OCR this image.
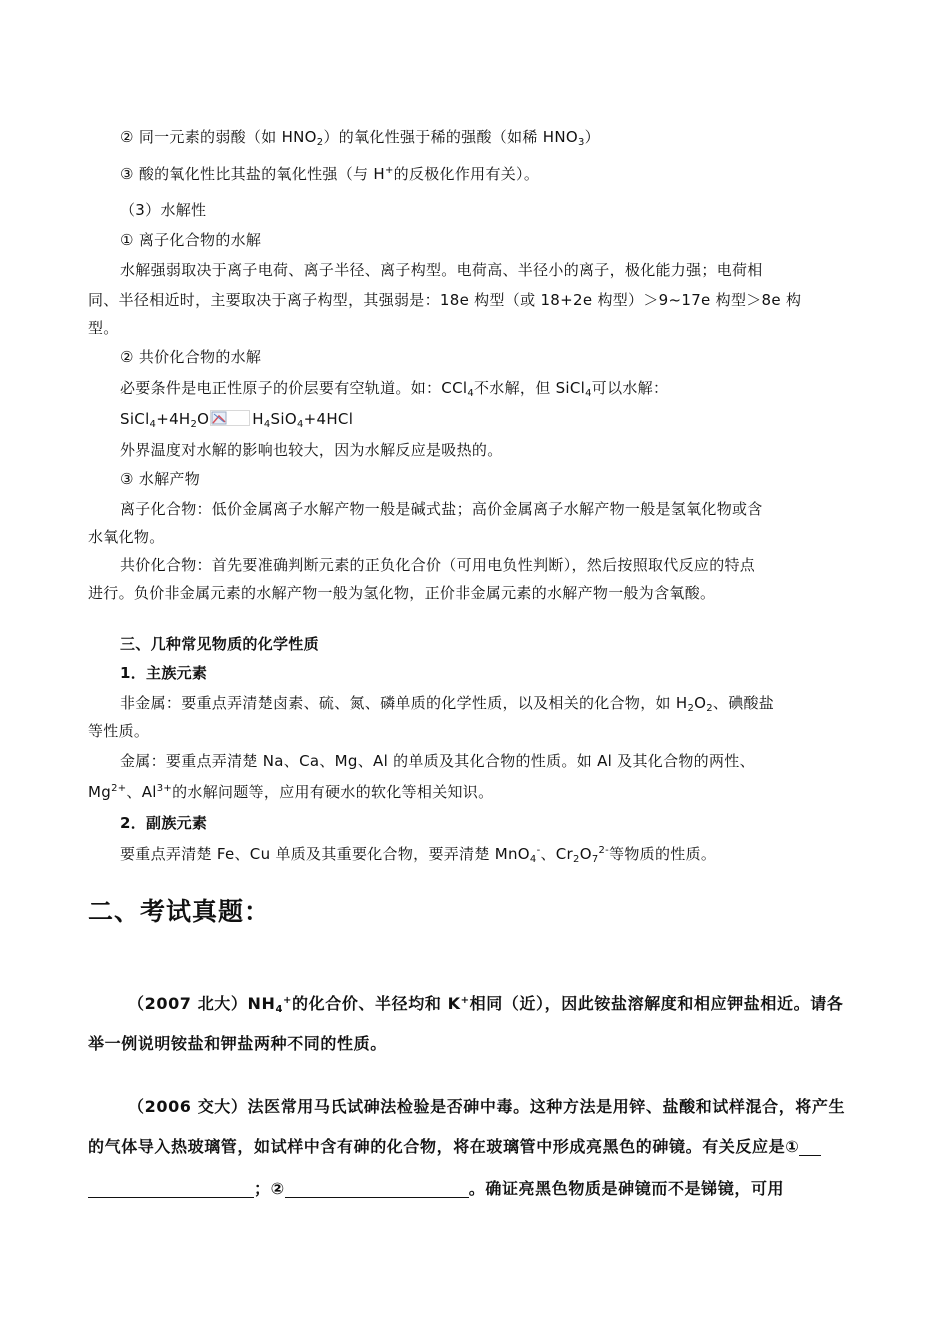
② 同一元素的弱酸（如 $HNO_2$）的氧化性强于稀的强酸（如稀 $HNO_3$）
③ 酸的氧化性比其盐的氧化性强（与 H+的反极化作用有关）。
（3）水解性
① 离子化合物的水解
水解强弱取决于离子电荷、离子半径、离子构型。电荷高、半径小的离子，极化能力强；电荷相
同、半径相近时，主要取决于离子构型，其强弱是：18e 构型（或 18+2e 构型）＞9~17e 构型＞8e 构
型。
② 共价化合物的水解
必要条件是电正性原子的价层要有空轨道。如：CCl$_4$不水解，但 SiCl$_4$可以水解：
$SiCl_4+4H_2O$	$H_4SiO_4+4HCl$
外界温度对水解的影响也较大，因为水解反应是吸热的。
③ 水解产物
离子化合物：低价金属离子水解产物一般是碱式盐；高价金属离子水解产物一般是氢氧化物或含
水氧化物。
共价化合物：首先要准确判断元素的正负化合价（可用电负性判断），然后按照取代反应的特点
进行。负价非金属元素的水解产物一般为氢化物，正价非金属元素的水解产物一般为含氧酸。
三、几种常见物质的化学性质
1．主族元素
非金属：要重点弄清楚卤素、硫、氮、磷单质的化学性质，以及相关的化合物，如 $H_2O_2$、碘酸盐
等性质。
金属：要重点弄清楚 Na、Ca、Mg、Al 的单质及其化合物的性质。如 Al 及其化合物的两性、
$Mg^{2+}$、$Al^{3+}$的水解问题等，应用有硬水的软化等相关知识。
2．副族元素
要重点弄清楚 Fe、Cu 单质及其重要化合物，要弄清楚 MnO$_4$-、$Cr_2O_7^{2-}$等物质的性质。
二、考试真题：
（2007 北大）$NH_4^+$的化合价、半径均和 K+相同（近），因此铵盐溶解度和相应钾盐相近。请各
举一例说明铵盐和钾盐两种不同的性质。
（2006 交大）法医常用马氏试砷法检验是否砷中毒。这种方法是用锌、盐酸和试样混合，将产生
的气体导入热玻璃管，如试样中含有砷的化合物，将在玻璃管中形成亮黑色的砷镜。有关反应是①
；②	。确证亮黑色物质是砷镜而不是锑镜，可用
